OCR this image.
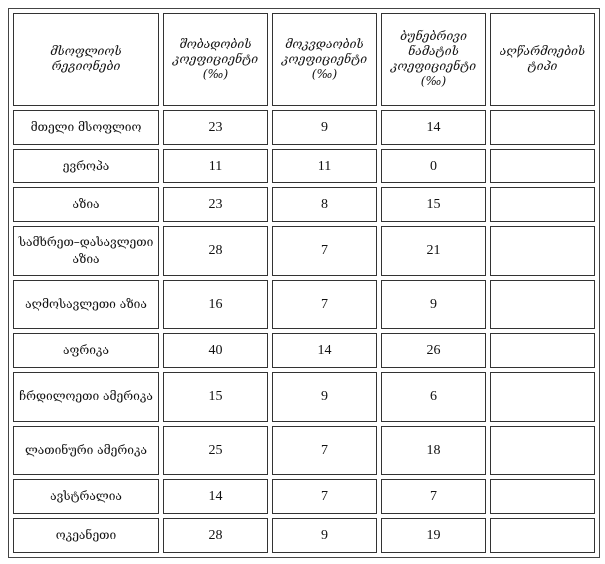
მსოფლიოს რეგიონები	შობადობის კოეფიციენტი (‰)	მოკვდაობის კოეფიციენტი (‰)	ბუნებრივი ნამატის კოეფიციენტი (‰)	აღწარმოების ტიპი
მთელი მსოფლიო	23	9	14	
ევროპა	11	11	0	
აზია	23	8	15	
სამხრეთ–დასავლეთი აზია	28	7	21	
აღმოსავლეთი აზია	16	7	9	
აფრიკა	40	14	26	
ჩრდილოეთი ამერიკა	15	9	6	
ლათინური ამერიკა	25	7	18	
ავსტრალია	14	7	7	
ოკეანეთი	28	9	19	
